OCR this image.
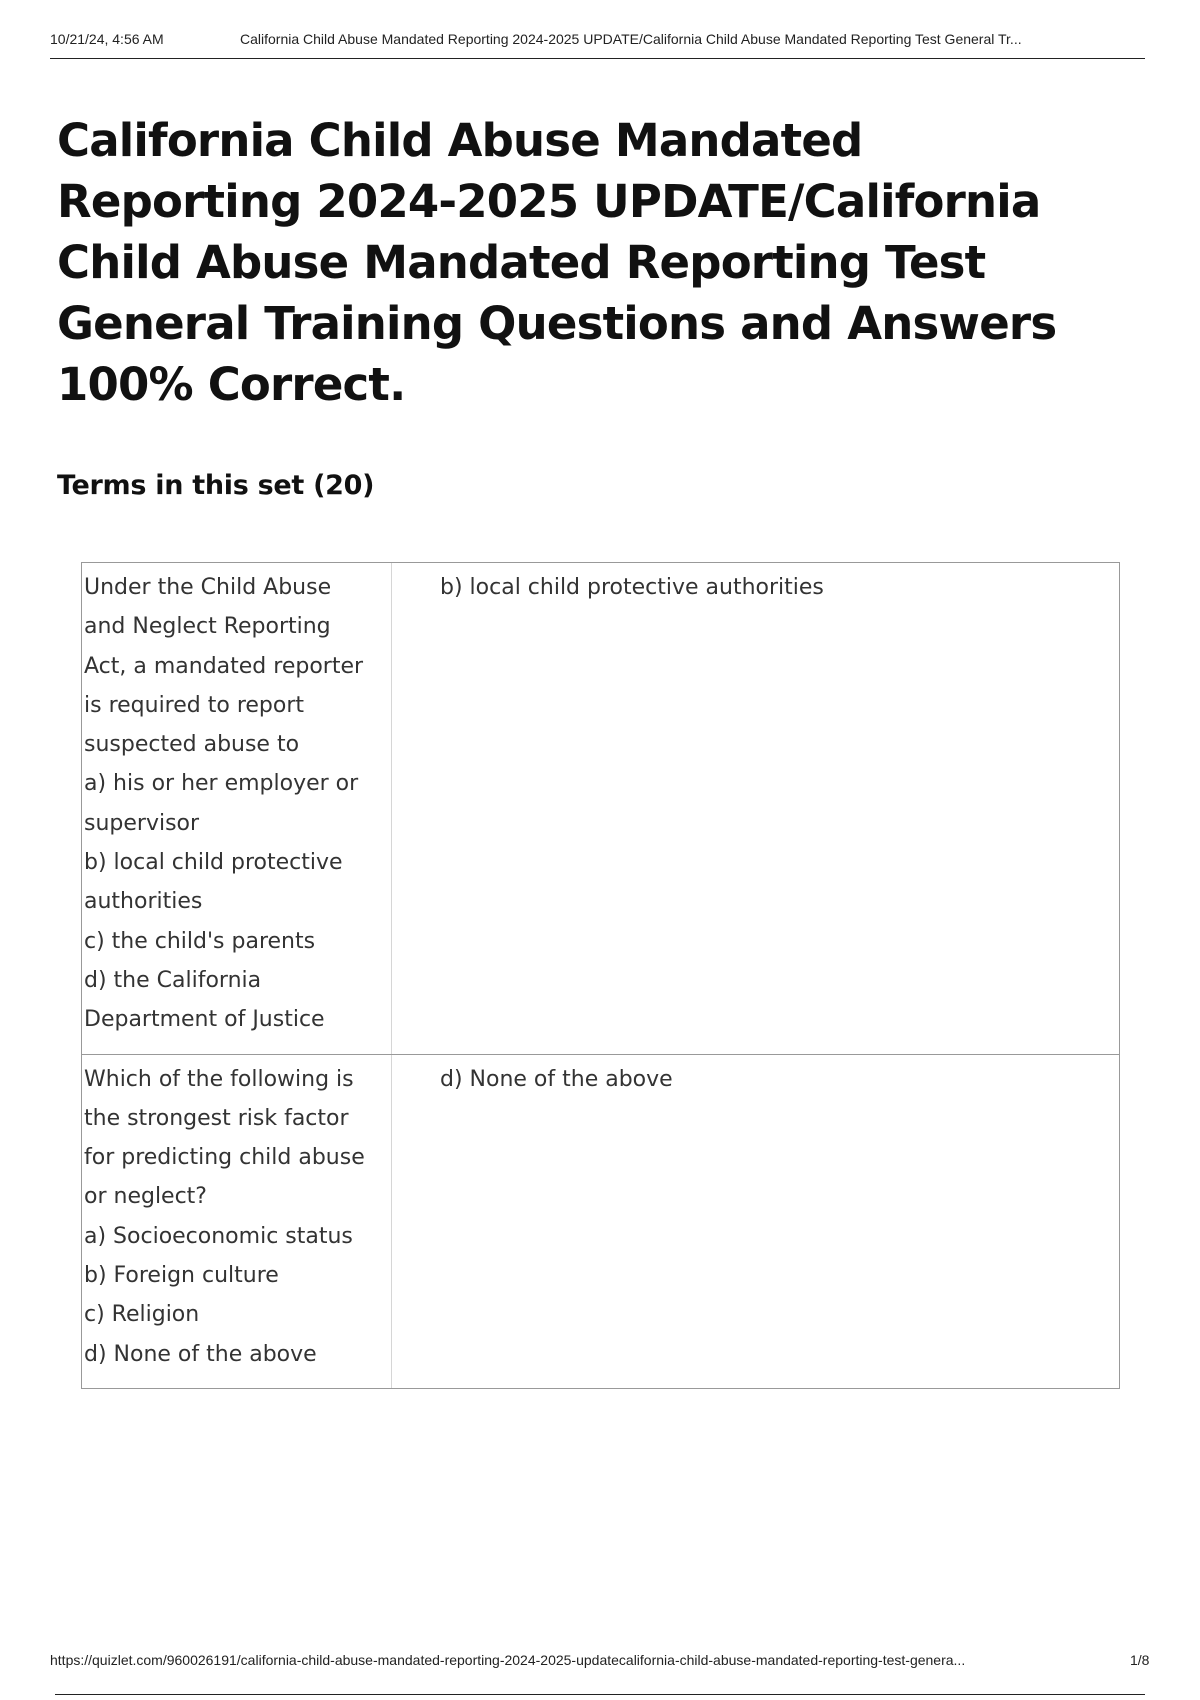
10/21/24, 4:56 AM	California Child Abuse Mandated Reporting 2024-2025 UPDATE/California Child Abuse Mandated Reporting Test General Tr...
California Child Abuse Mandated Reporting 2024-2025 UPDATE/California Child Abuse Mandated Reporting Test General Training Questions and Answers 100% Correct.
Terms in this set (20)
Under the Child Abuse
and Neglect Reporting
Act, a mandated reporter
is required to report
suspected abuse to
a) his or her employer or
supervisor
b) local child protective
authorities
c) the child's parents
d) the California
Department of Justice
b) local child protective authorities
Which of the following is
the strongest risk factor
for predicting child abuse
or neglect?
a) Socioeconomic status
b) Foreign culture
c) Religion
d) None of the above
d) None of the above
https://quizlet.com/960026191/california-child-abuse-mandated-reporting-2024-2025-updatecalifornia-child-abuse-mandated-reporting-test-genera...	1/8
